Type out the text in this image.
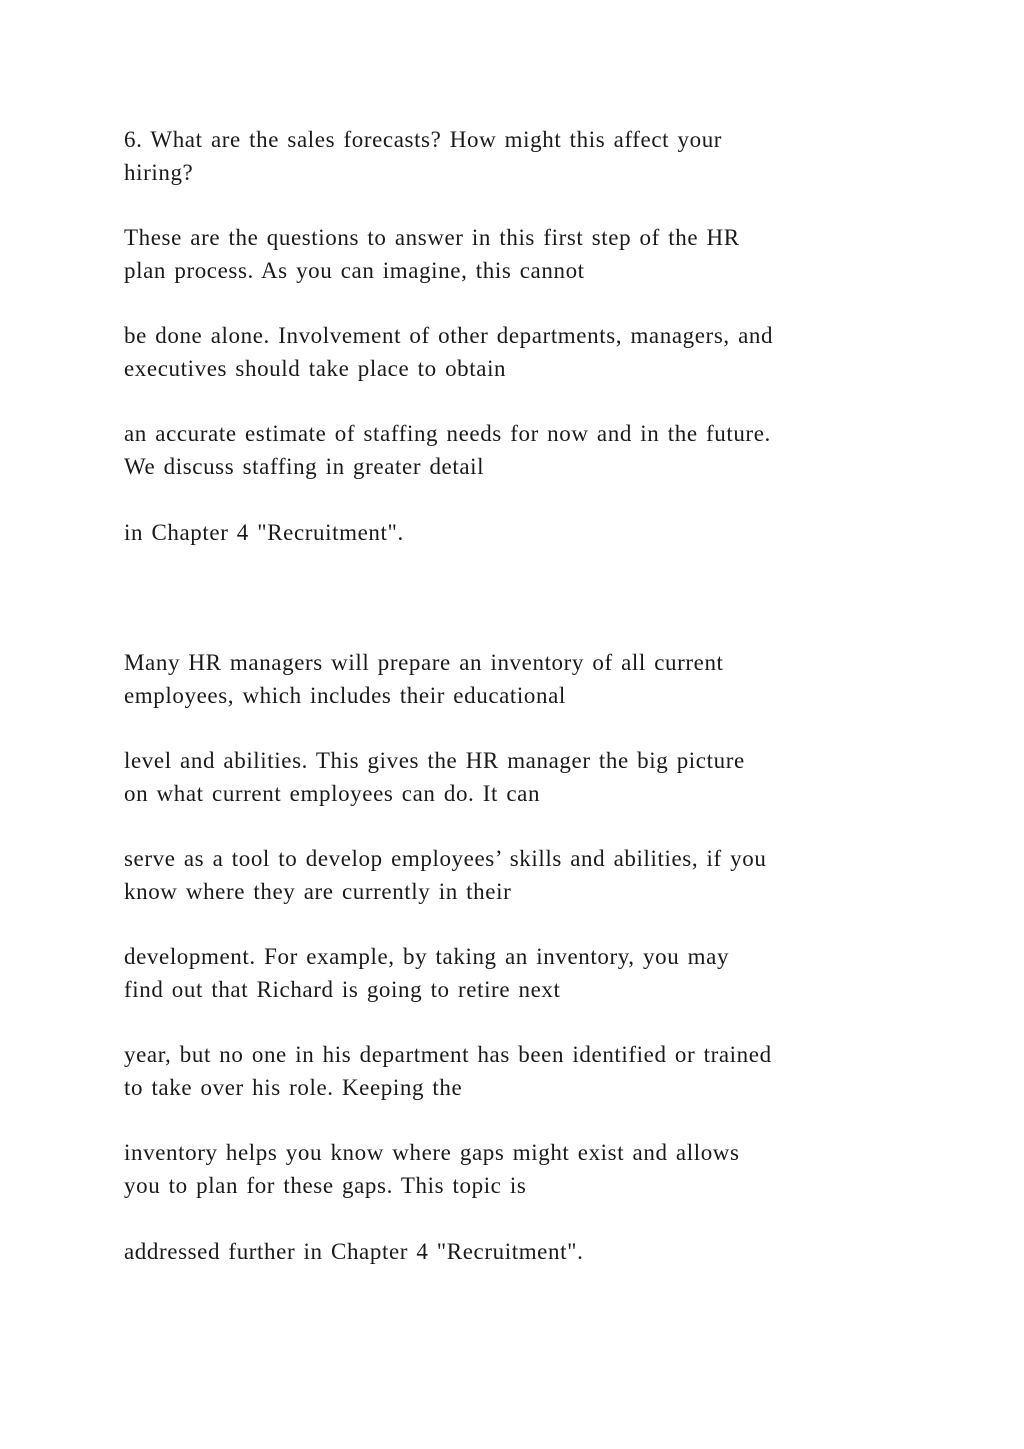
6. What are the sales forecasts? How might this affect your
hiring?

These are the questions to answer in this first step of the HR
plan process. As you can imagine, this cannot

be done alone. Involvement of other departments, managers, and
executives should take place to obtain

an accurate estimate of staffing needs for now and in the future.
We discuss staffing in greater detail

in Chapter 4 "Recruitment".

Many HR managers will prepare an inventory of all current
employees, which includes their educational

level and abilities. This gives the HR manager the big picture
on what current employees can do. It can

serve as a tool to develop employees’ skills and abilities, if you
know where they are currently in their

development. For example, by taking an inventory, you may
find out that Richard is going to retire next

year, but no one in his department has been identified or trained
to take over his role. Keeping the

inventory helps you know where gaps might exist and allows
you to plan for these gaps. This topic is

addressed further in Chapter 4 "Recruitment".
